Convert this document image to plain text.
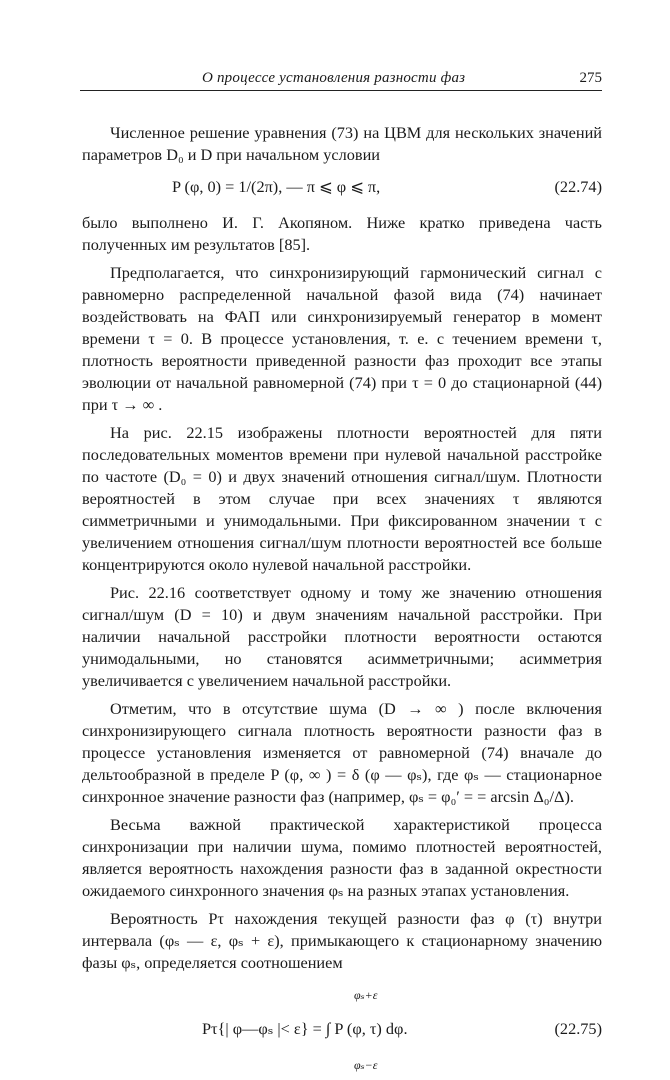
О процессе установления разности фаз	275

Численное решение уравнения (73) на ЦВМ для нескольких значений параметров D₀ и D при начальном условии

P (φ, 0) = 1/(2π), — π ⩽ φ ⩽ π,	(22.74)

было выполнено И. Г. Акопяном. Ниже кратко приведена часть полученных им результатов [85].

Предполагается, что синхронизирующий гармонический сигнал с равномерно распределенной начальной фазой вида (74) начинает воздействовать на ФАП или синхронизируемый генератор в момент времени τ = 0. В процессе установления, т. е. с течением времени τ, плотность вероятности приведенной разности фаз проходит все этапы эволюции от начальной равномерной (74) при τ = 0 до стационарной (44) при τ → ∞ .

На рис. 22.15 изображены плотности вероятностей для пяти последовательных моментов времени при нулевой начальной расстройке по частоте (D₀ = 0) и двух значений отношения сигнал/шум. Плотности вероятностей в этом случае при всех значениях τ являются симметричными и унимодальными. При фиксированном значении τ с увеличением отношения сигнал/шум плотности вероятностей все больше концентрируются около нулевой начальной расстройки.

Рис. 22.16 соответствует одному и тому же значению отношения сигнал/шум (D = 10) и двум значениям начальной расстройки. При наличии начальной расстройки плотности вероятности остаются унимодальными, но становятся асимметричными; асимметрия увеличивается с увеличением начальной расстройки.

Отметим, что в отсутствие шума (D → ∞ ) после включения синхронизирующего сигнала плотность вероятности разности фаз в процессе установления изменяется от равномерной (74) вначале до дельтообразной в пределе P (φ, ∞ ) = δ (φ — φₛ), где φₛ — стационарное синхронное значение разности фаз (например, φₛ = φ₀′ = = arcsin Δ₀/Δ).

Весьма важной практической характеристикой процесса синхронизации при наличии шума, помимо плотностей вероятностей, является вероятность нахождения разности фаз в заданной окрестности ожидаемого синхронного значения φₛ на разных этапах установления.

Вероятность Pτ нахождения текущей разности фаз φ (τ) внутри интервала (φₛ — ε, φₛ + ε), примыкающего к стационарному значению фазы φₛ, определяется соотношением

φₛ+ε
Pτ{| φ—φₛ |< ε} = ∫ P (φ, τ) dφ.
φₛ−ε
(22.75)
